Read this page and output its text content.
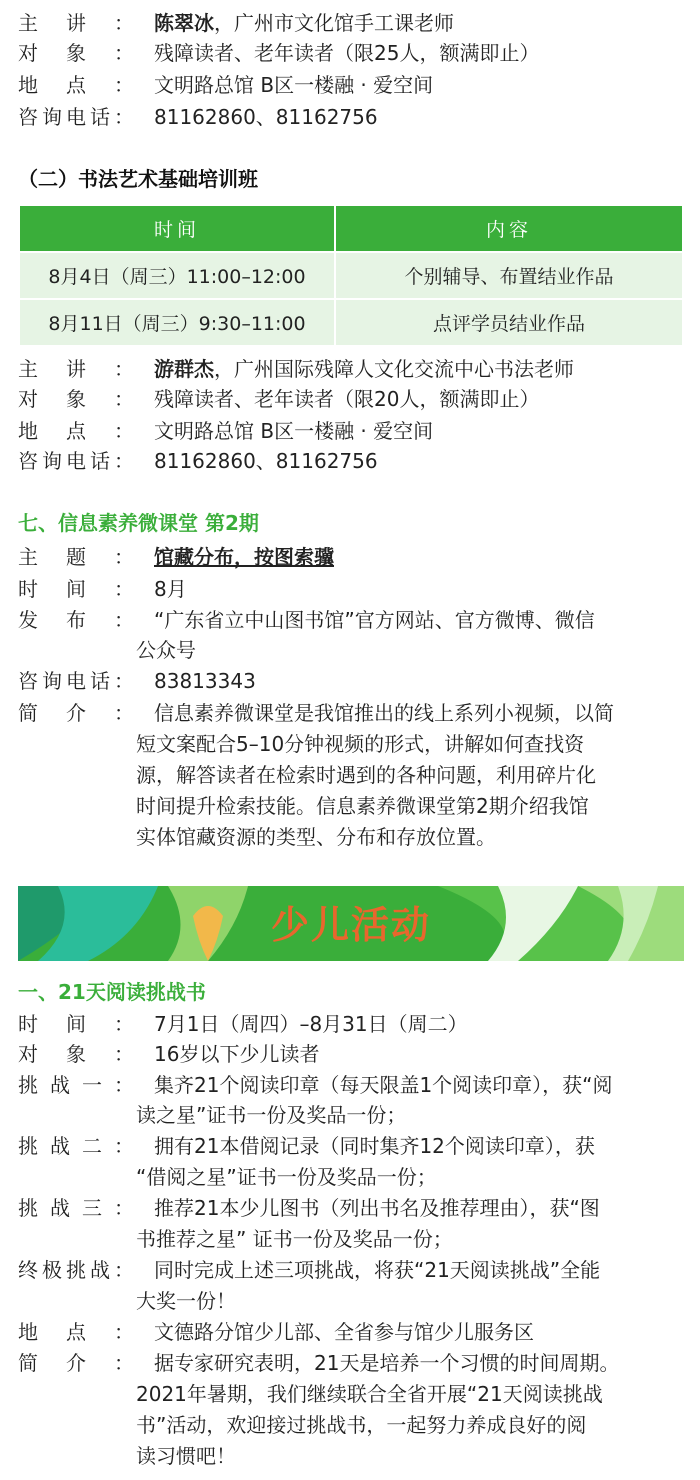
主讲： 陈翠冰，广州市文化馆手工课老师
对象： 残障读者、老年读者（限25人，额满即止）
地点： 文明路总馆 B区一楼融 · 爱空间
咨询电话： 81162860、81162756
（二）书法艺术基础培训班
时间	内容
8月4日（周三）11:00–12:00	个别辅导、布置结业作品
8月11日（周三）9:30–11:00	点评学员结业作品
主讲： 游群杰，广州国际残障人文化交流中心书法老师
对象： 残障读者、老年读者（限20人，额满即止）
地点： 文明路总馆 B区一楼融 · 爱空间
咨询电话： 81162860、81162756
七、信息素养微课堂 第2期
主题： 馆藏分布，按图索骥
时间： 8月
发布： “广东省立中山图书馆”官方网站、官方微博、微信
公众号
咨询电话： 83813343
简介： 信息素养微课堂是我馆推出的线上系列小视频，以简
短文案配合5–10分钟视频的形式，讲解如何查找资
源，解答读者在检索时遇到的各种问题，利用碎片化
时间提升检索技能。信息素养微课堂第2期介绍我馆
实体馆藏资源的类型、分布和存放位置。
少儿活动
一、21天阅读挑战书
时间： 7月1日（周四）–8月31日（周二）
对象： 16岁以下少儿读者
挑战一： 集齐21个阅读印章（每天限盖1个阅读印章），获“阅
读之星”证书一份及奖品一份；
挑战二： 拥有21本借阅记录（同时集齐12个阅读印章），获
“借阅之星”证书一份及奖品一份；
挑战三： 推荐21本少儿图书（列出书名及推荐理由），获“图
书推荐之星” 证书一份及奖品一份；
终极挑战： 同时完成上述三项挑战，将获“21天阅读挑战”全能
大奖一份！
地点： 文德路分馆少儿部、全省参与馆少儿服务区
简介： 据专家研究表明，21天是培养一个习惯的时间周期。
2021年暑期，我们继续联合全省开展“21天阅读挑战
书”活动，欢迎接过挑战书，一起努力养成良好的阅
读习惯吧！
